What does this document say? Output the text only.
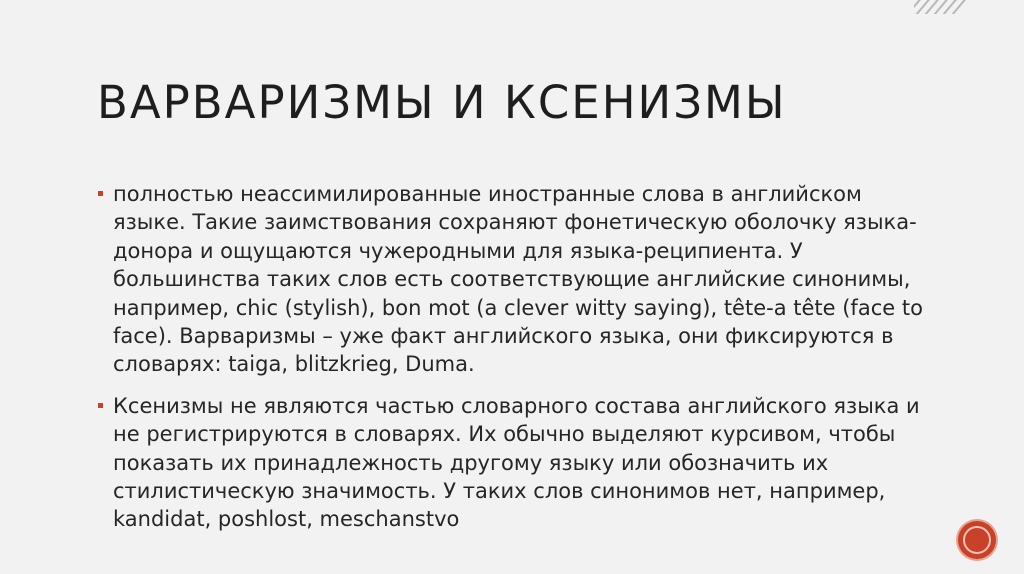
ВАРВАРИЗМЫ И КСЕНИЗМЫ
полностью неассимилированные иностранные слова в английском языке. Такие заимствования сохраняют фонетическую оболочку языка-донора и ощущаются чужеродными для языка-реципиента. У большинства таких слов есть соответствующие английские синонимы, например, chic (stylish), bon mot (a clever witty saying), tête-a tête (face to face). Варваризмы – уже факт английского языка, они фиксируются в словарях: taiga, blitzkrieg, Duma.
Ксенизмы не являются частью словарного состава английского языка и не регистрируются в словарях. Их обычно выделяют курсивом, чтобы показать их принадлежность другому языку или обозначить их стилистическую значимость. У таких слов синонимов нет, например, kandidat, poshlost, meschanstvo
